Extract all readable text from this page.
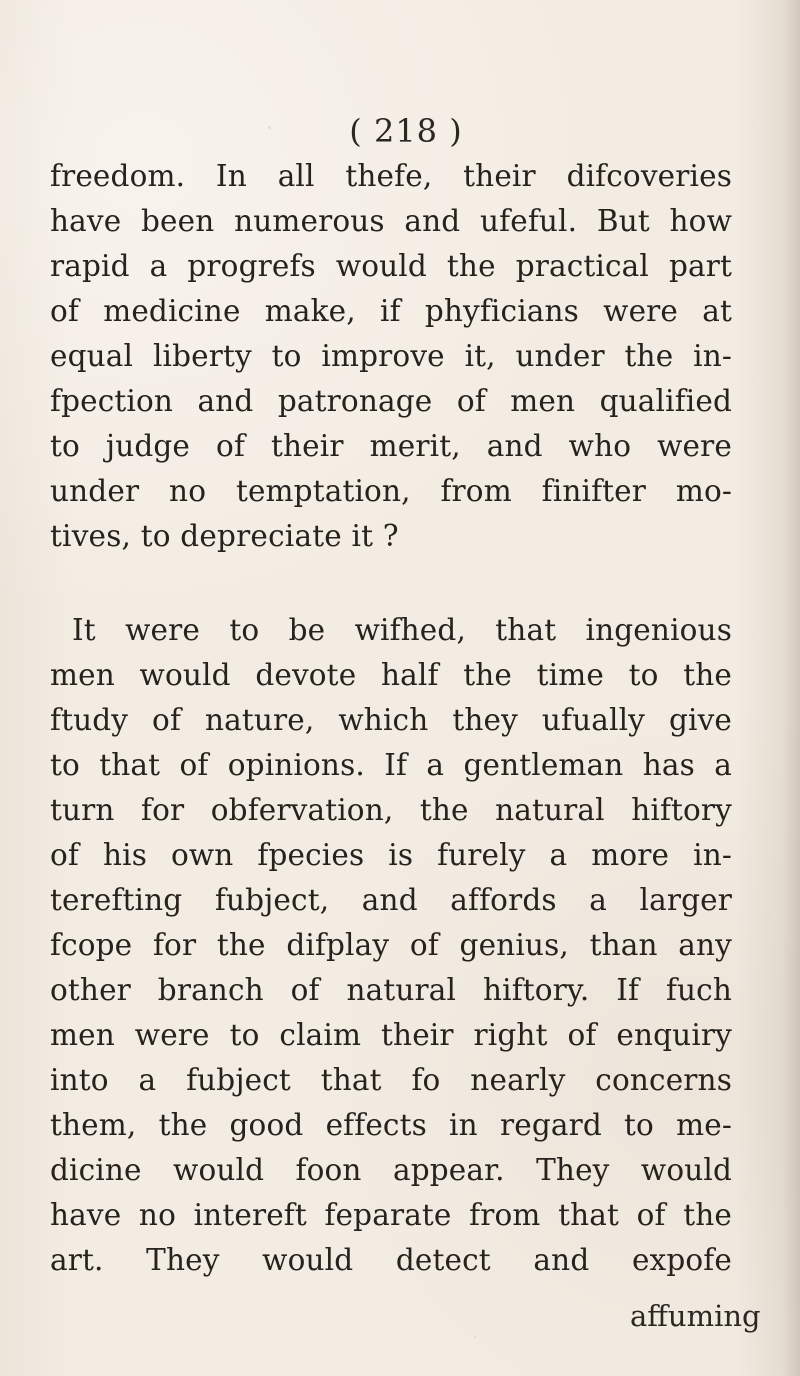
( 218 )
freedom. In all thefe, their difcoveries
have been numerous and ufeful. But how
rapid a progrefs would the practical part
of medicine make, if phyficians were at
equal liberty to improve it, under the in-
fpection and patronage of men qualified
to judge of their merit, and who were
under no temptation, from finifter mo-
tives, to depreciate it ?
It were to be wifhed, that ingenious
men would devote half the time to the
ftudy of nature, which they ufually give
to that of opinions. If a gentleman has a
turn for obfervation, the natural hiftory
of his own fpecies is furely a more in-
terefting fubject, and affords a larger
fcope for the difplay of genius, than any
other branch of natural hiftory. If fuch
men were to claim their right of enquiry
into a fubject that fo nearly concerns
them, the good effects in regard to me-
dicine would foon appear. They would
have no intereft feparate from that of the
art. They would detect and expofe
affuming
